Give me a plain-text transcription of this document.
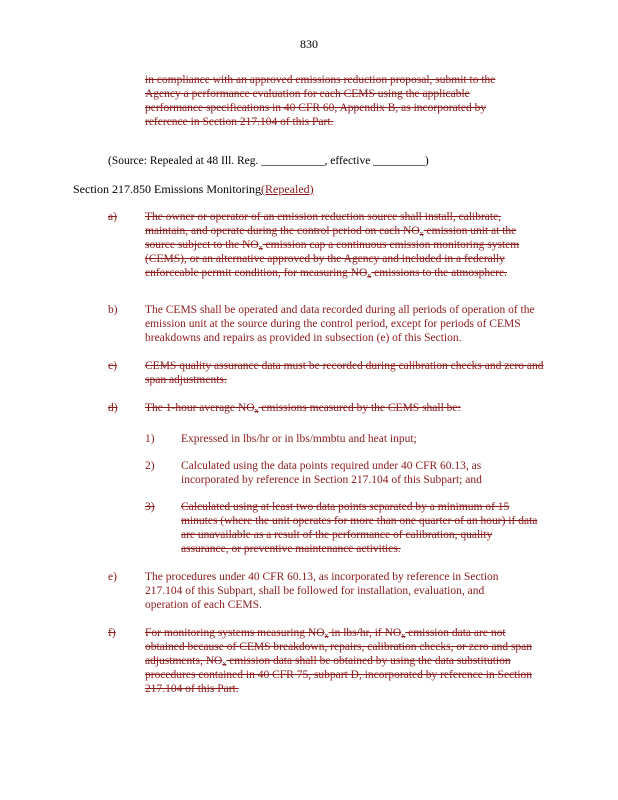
830
in compliance with an approved emissions reduction proposal, submit to the Agency a performance evaluation for each CEMS using the applicable performance specifications in 40 CFR 60, Appendix B, as incorporated by reference in Section 217.104 of this Part.
(Source: Repealed at 48 Ill. Reg. ___________, effective _________)
Section 217.850 Emissions Monitoring(Repealed)
a) The owner or operator of an emission reduction source shall install, calibrate, maintain, and operate during the control period on each $NO_x$ emission unit at the source subject to the $NO_x$ emission cap a continuous emission monitoring system (CEMS), or an alternative approved by the Agency and included in a federally enforceable permit condition, for measuring $NO_x$ emissions to the atmosphere.
b) The CEMS shall be operated and data recorded during all periods of operation of the emission unit at the source during the control period, except for periods of CEMS breakdowns and repairs as provided in subsection (e) of this Section.
c) CEMS quality assurance data must be recorded during calibration checks and zero and span adjustments.
d) The 1-hour average $NO_x$ emissions measured by the CEMS shall be:
1) Expressed in lbs/hr or in lbs/mmbtu and heat input;
2) Calculated using the data points required under 40 CFR 60.13, as incorporated by reference in Section 217.104 of this Subpart; and
3) Calculated using at least two data points separated by a minimum of 15 minutes (where the unit operates for more than one quarter of an hour) if data are unavailable as a result of the performance of calibration, quality assurance, or preventive maintenance activities.
e) The procedures under 40 CFR 60.13, as incorporated by reference in Section 217.104 of this Subpart, shall be followed for installation, evaluation, and operation of each CEMS.
f)	For monitoring systems measuring $NO_x$ in lbs/hr, if $NO_x$ emission data are not obtained because of CEMS breakdown, repairs, calibration checks, or zero and span adjustments, $NO_x$ emission data shall be obtained by using the data substitution procedures contained in 40 CFR 75, subpart D, incorporated by reference in Section 217.104 of this Part.
